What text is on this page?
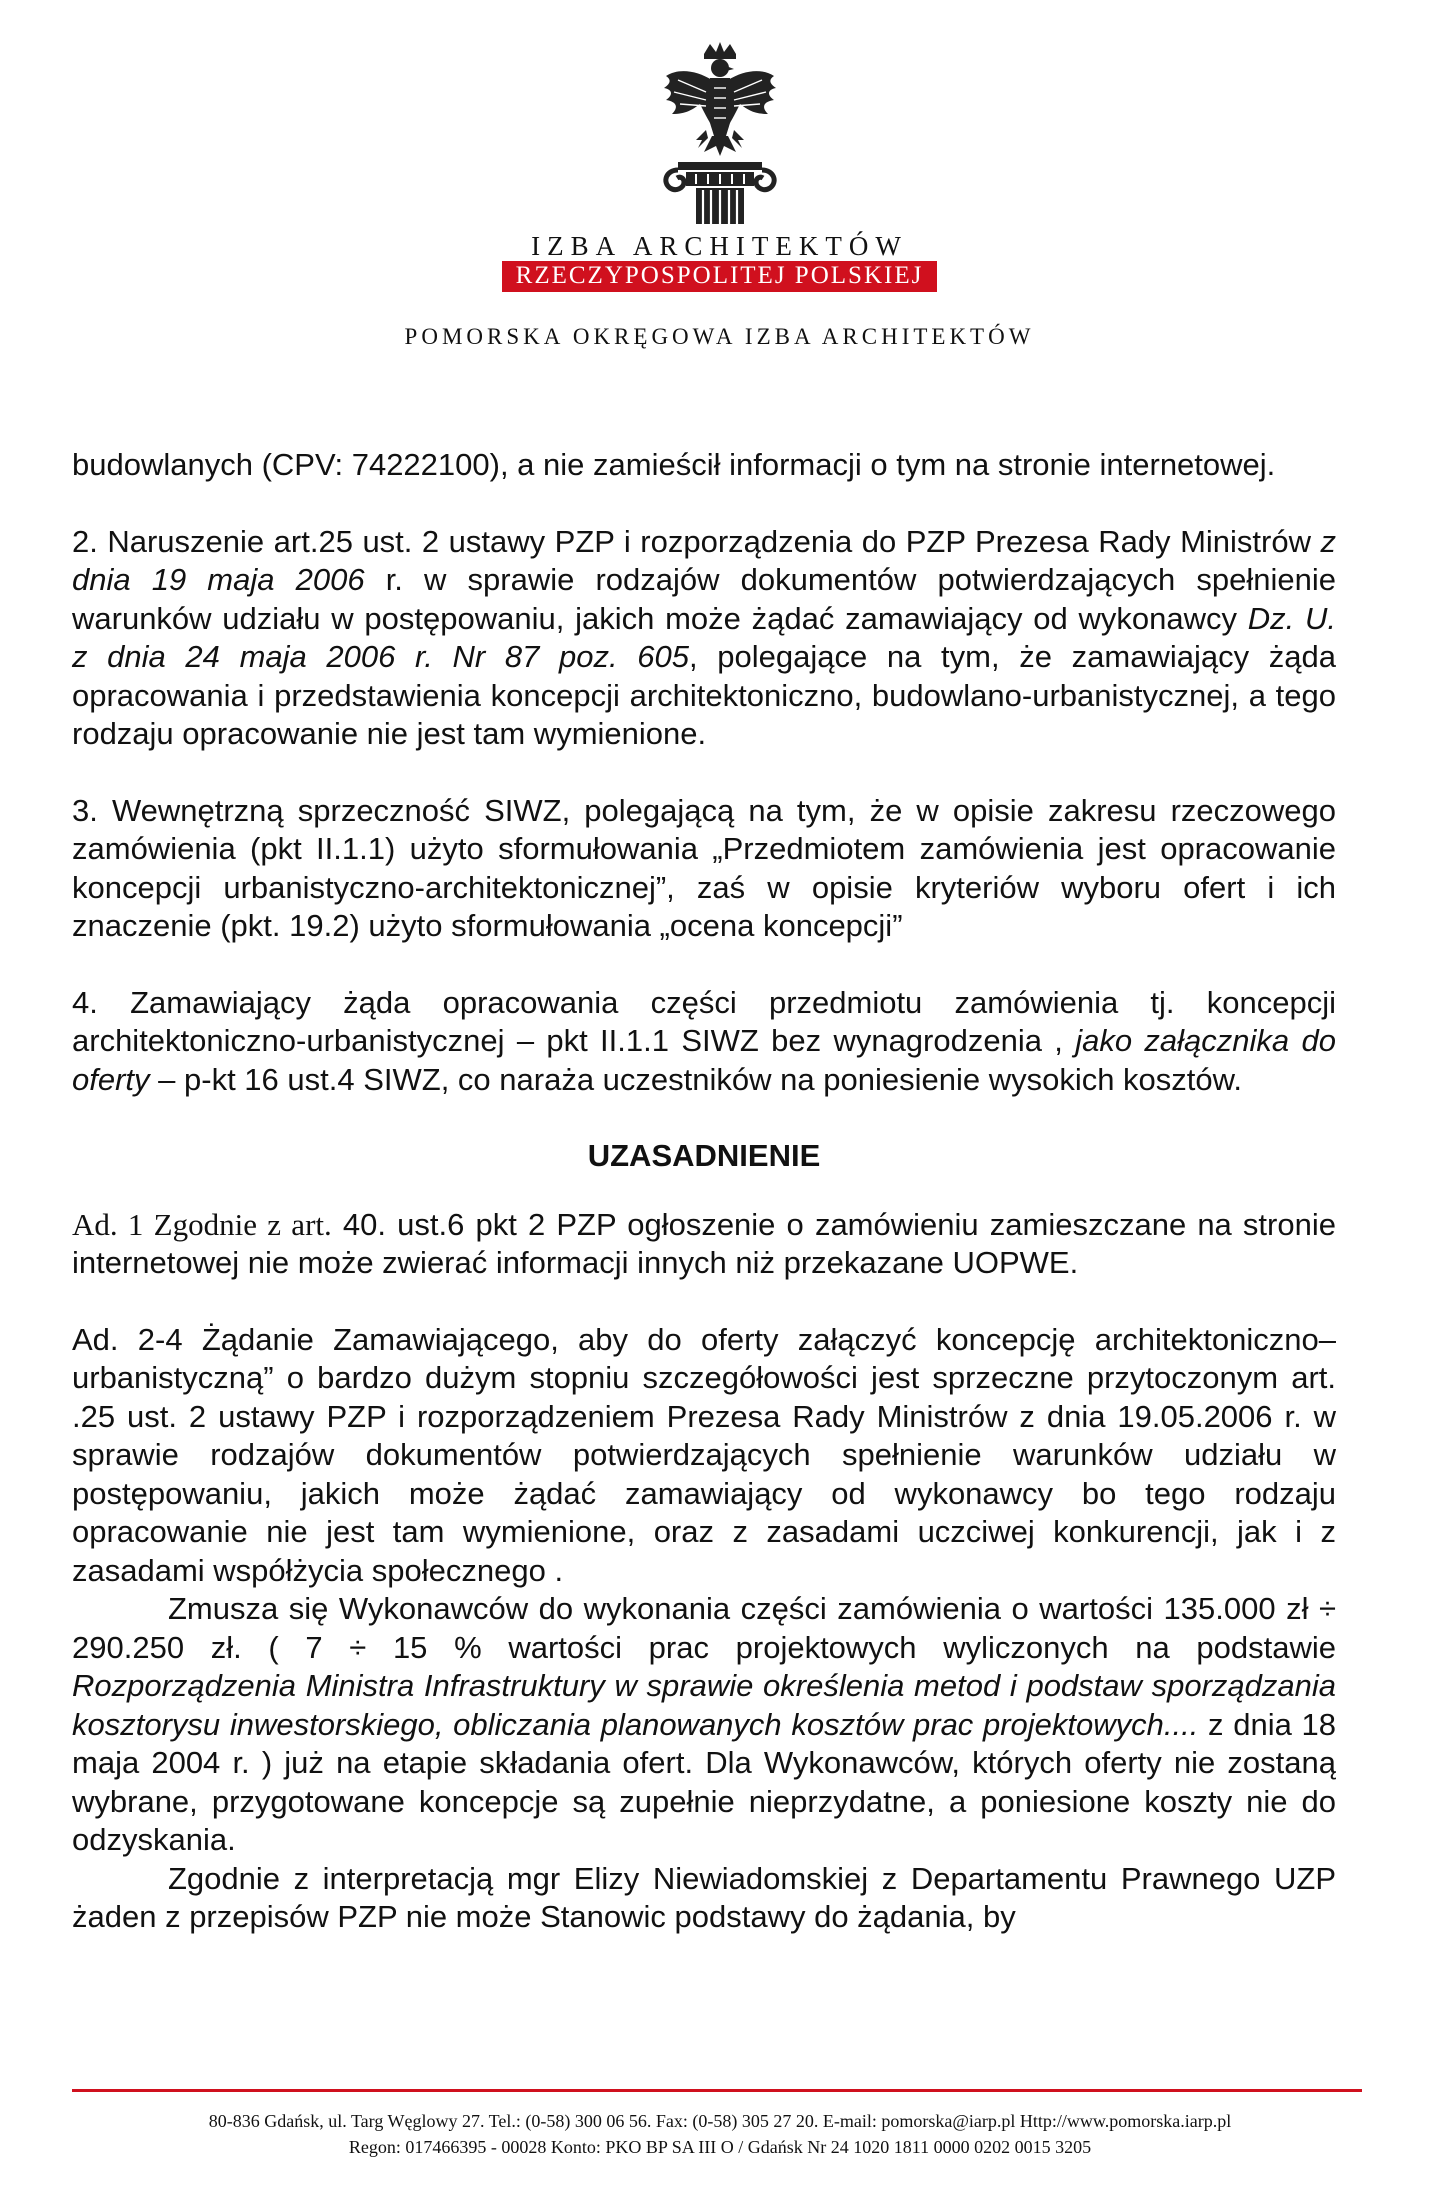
IZBA ARCHITEKTÓW
RZECZYPOSPOLITEJ POLSKIEJ
POMORSKA OKRĘGOWA IZBA ARCHITEKTÓW

budowlanych (CPV: 74222100), a nie zamieścił informacji o tym na stronie internetowej.

2. Naruszenie art.25 ust. 2 ustawy PZP i rozporządzenia do PZP Prezesa Rady Ministrów z dnia 19 maja 2006 r. w sprawie rodzajów dokumentów potwierdzających spełnienie warunków udziału w postępowaniu, jakich może żądać zamawiający od wykonawcy Dz. U. z dnia 24 maja 2006 r. Nr 87 poz. 605, polegające na tym, że zamawiający żąda opracowania i przedstawienia koncepcji architektoniczno, budowlano-urbanistycznej, a tego rodzaju opracowanie nie jest tam wymienione.

3. Wewnętrzną sprzeczność SIWZ, polegającą na tym, że w opisie zakresu rzeczowego zamówienia (pkt II.1.1) użyto sformułowania „Przedmiotem zamówienia jest opracowanie koncepcji urbanistyczno-architektonicznej”, zaś w opisie kryteriów wyboru ofert i ich znaczenie (pkt. 19.2) użyto sformułowania „ocena koncepcji”

4. Zamawiający żąda opracowania części przedmiotu zamówienia tj. koncepcji architektoniczno-urbanistycznej – pkt II.1.1 SIWZ bez wynagrodzenia , jako załącznika do oferty – p-kt 16 ust.4 SIWZ, co naraża uczestników na poniesienie wysokich kosztów.

UZASADNIENIE

Ad. 1 Zgodnie z art. 40. ust.6 pkt 2 PZP ogłoszenie o zamówieniu zamieszczane na stronie internetowej nie może zwierać informacji innych niż przekazane UOPWE.

Ad. 2-4 Żądanie Zamawiającego, aby do oferty załączyć koncepcję architektoniczno–urbanistyczną” o bardzo dużym stopniu szczegółowości jest sprzeczne przytoczonym art. .25 ust. 2 ustawy PZP i rozporządzeniem Prezesa Rady Ministrów z dnia 19.05.2006 r. w sprawie rodzajów dokumentów potwierdzających spełnienie warunków udziału w postępowaniu, jakich może żądać zamawiający od wykonawcy bo tego rodzaju opracowanie nie jest tam wymienione, oraz z zasadami uczciwej konkurencji, jak i z zasadami współżycia społecznego .

Zmusza się Wykonawców do wykonania części zamówienia o wartości 135.000 zł ÷ 290.250 zł. ( 7 ÷ 15 % wartości prac projektowych wyliczonych na podstawie Rozporządzenia Ministra Infrastruktury w sprawie określenia metod i podstaw sporządzania kosztorysu inwestorskiego, obliczania planowanych kosztów prac projektowych.... z dnia 18 maja 2004 r. ) już na etapie składania ofert. Dla Wykonawców, których oferty nie zostaną wybrane, przygotowane koncepcje są zupełnie nieprzydatne, a poniesione koszty nie do odzyskania.

Zgodnie z interpretacją mgr Elizy Niewiadomskiej z Departamentu Prawnego UZP żaden z przepisów PZP nie może Stanowic podstawy do żądania, by

80-836 Gdańsk, ul. Targ Węglowy 27. Tel.: (0-58) 300 06 56. Fax: (0-58) 305 27 20. E-mail: pomorska@iarp.pl Http://www.pomorska.iarp.pl
Regon: 017466395 - 00028 Konto: PKO BP SA III O / Gdańsk Nr 24 1020 1811 0000 0202 0015 3205
